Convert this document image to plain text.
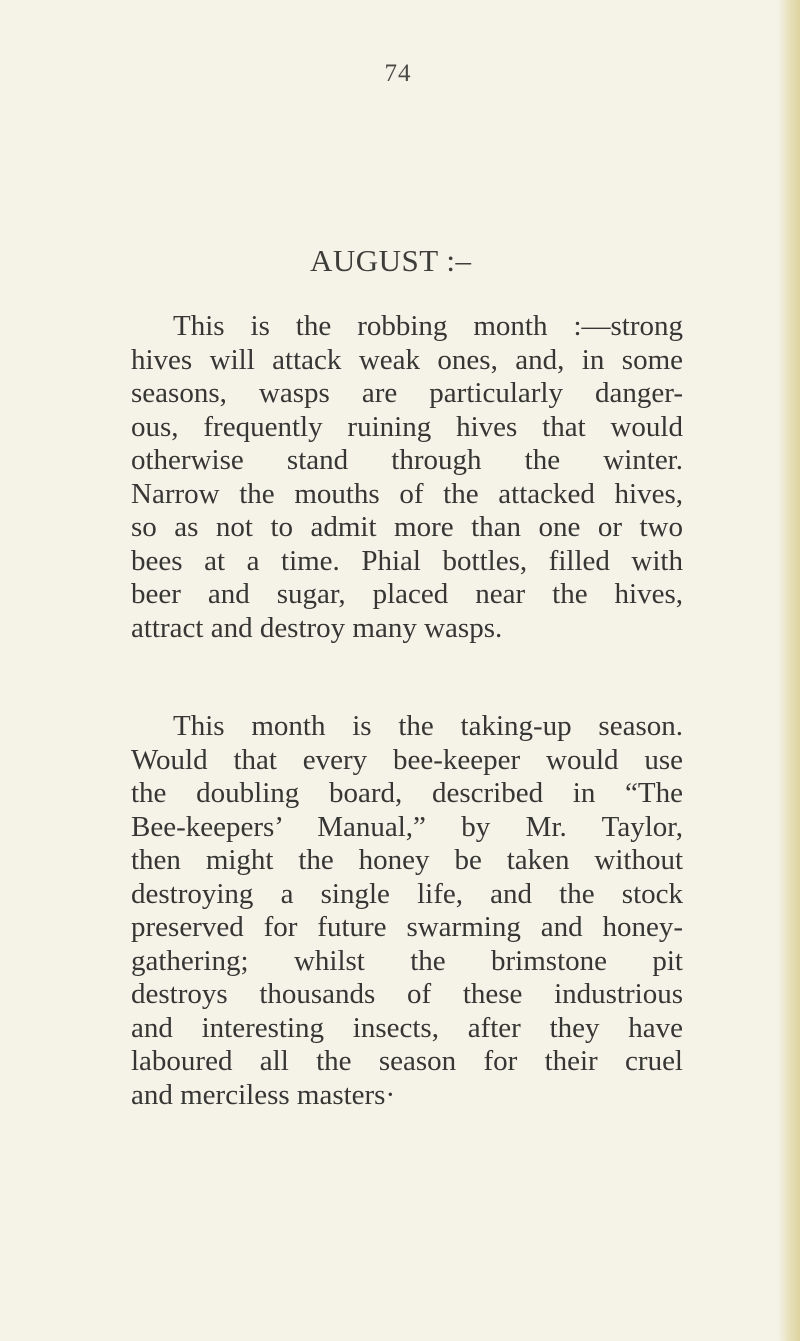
74
AUGUST :–
This is the robbing month :—strong
hives will attack weak ones, and, in some
seasons, wasps are particularly danger-
ous, frequently ruining hives that would
otherwise stand through the winter.
Narrow the mouths of the attacked hives,
so as not to admit more than one or two
bees at a time. Phial bottles, filled with
beer and sugar, placed near the hives,
attract and destroy many wasps.
This month is the taking-up season.
Would that every bee-keeper would use
the doubling board, described in “The
Bee-keepers’ Manual,” by Mr. Taylor,
then might the honey be taken without
destroying a single life, and the stock
preserved for future swarming and honey-
gathering; whilst the brimstone pit
destroys thousands of these industrious
and interesting insects, after they have
laboured all the season for their cruel
and merciless masters·
